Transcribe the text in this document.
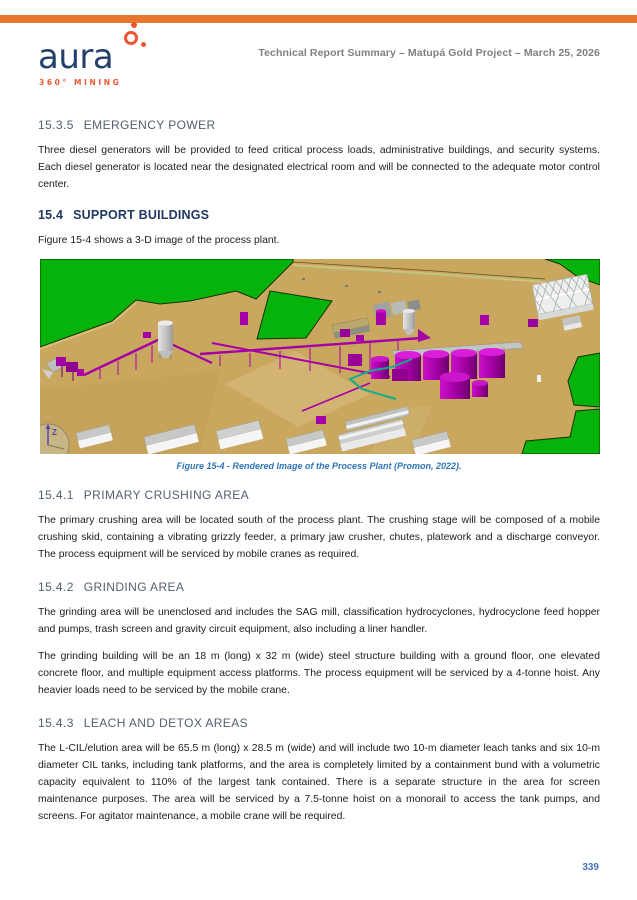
aura
360° MINING
Technical Report Summary – Matupá Gold Project – March 25, 2026
15.3.5 EMERGENCY POWER

Three diesel generators will be provided to feed critical process loads, administrative buildings, and security systems. Each diesel generator is located near the designated electrical room and will be connected to the adequate motor control center.

15.4 SUPPORT BUILDINGS

Figure 15-4 shows a 3-D image of the process plant.

Z
Figure 15-4 - Rendered Image of the Process Plant (Promon, 2022).
15.4.1 PRIMARY CRUSHING AREA

The primary crushing area will be located south of the process plant. The crushing stage will be composed of a mobile crushing skid, containing a vibrating grizzly feeder, a primary jaw crusher, chutes, platework and a discharge conveyor. The process equipment will be serviced by mobile cranes as required.

15.4.2 GRINDING AREA

The grinding area will be unenclosed and includes the SAG mill, classification hydrocyclones, hydrocyclone feed hopper and pumps, trash screen and gravity circuit equipment, also including a liner handler.

The grinding building will be an 18 m (long) x 32 m (wide) steel structure building with a ground floor, one elevated concrete floor, and multiple equipment access platforms. The process equipment will be serviced by a 4-tonne hoist. Any heavier loads need to be serviced by the mobile crane.

15.4.3 LEACH AND DETOX AREAS

The L-CIL/elution area will be 65.5 m (long) x 28.5 m (wide) and will include two 10-m diameter leach tanks and six 10-m diameter CIL tanks, including tank platforms, and the area is completely limited by a containment bund with a volumetric capacity equivalent to 110% of the largest tank contained. There is a separate structure in the area for screen maintenance purposes. The area will be serviced by a 7.5-tonne hoist on a monorail to access the tank pumps, and screens. For agitator maintenance, a mobile crane will be required.

339
